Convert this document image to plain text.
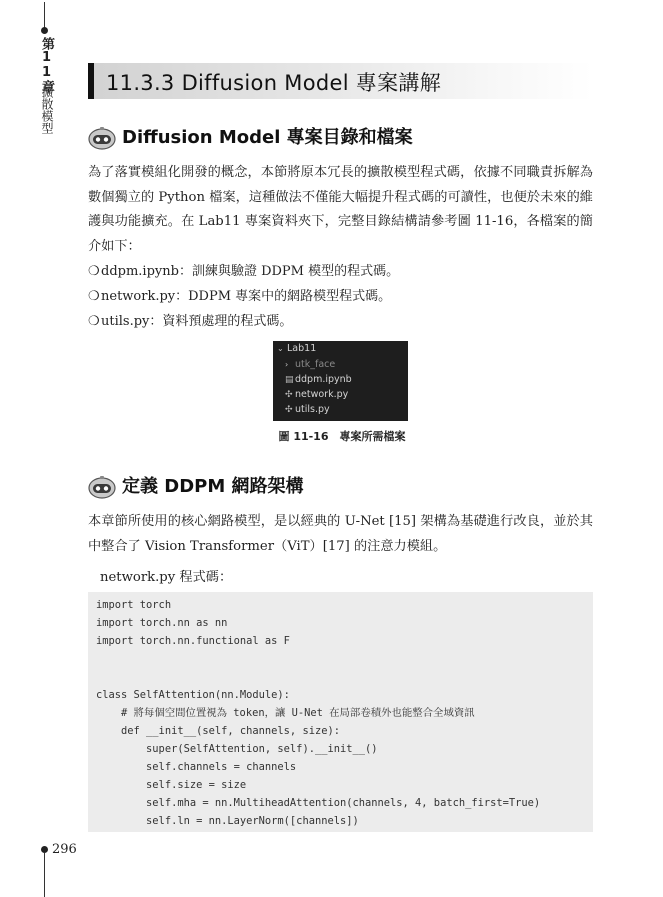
第11章
擴散模型
296
11.3.3 Diffusion Model 專案講解
Diffusion Model 專案目錄和檔案
為了落實模組化開發的概念，本節將原本冗長的擴散模型程式碼，依據不同職責拆解為數個獨立的 Python 檔案，這種做法不僅能大幅提升程式碼的可讀性，也便於未來的維護與功能擴充。在 Lab11 專案資料夾下，完整目錄結構請參考圖 11-16，各檔案的簡介如下：
❍ddpm.ipynb：訓練與驗證 DDPM 模型的程式碼。
❍network.py：DDPM 專案中的網路模型程式碼。
❍utils.py：資料預處理的程式碼。
⌄ Lab11
› utk_face
▤ddpm.ipynb
✣ network.py
✣ utils.py
圖 11-16　專案所需檔案
定義 DDPM 網路架構
本章節所使用的核心網路模型，是以經典的 U-Net [15] 架構為基礎進行改良，並於其中整合了 Vision Transformer（ViT）[17] 的注意力模組。
network.py 程式碼：
import torch
import torch.nn as nn
import torch.nn.functional as F
class SelfAttention(nn.Module):
# 將每個空間位置視為 token，讓 U-Net 在局部卷積外也能整合全域資訊
def __init__(self, channels, size):
super(SelfAttention, self).__init__()
self.channels = channels
self.size = size
self.mha = nn.MultiheadAttention(channels, 4, batch_first=True)
self.ln = nn.LayerNorm([channels])
